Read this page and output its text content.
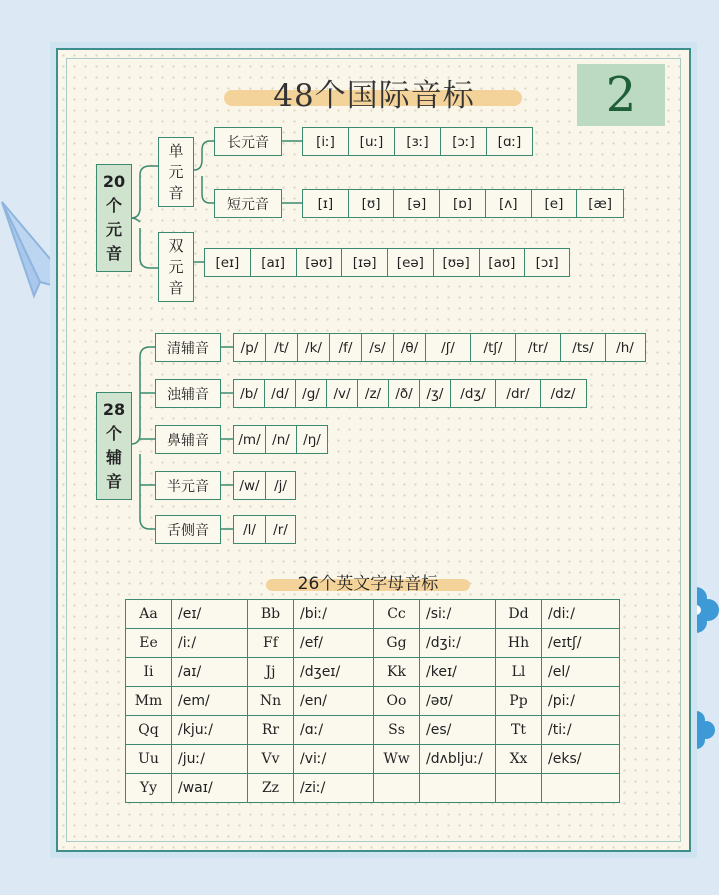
48个国际音标	2
20
个
元
音
单
元
音
双
元
音
长元音	[iː]	[uː]	[ɜː]	[ɔː]	[ɑː]
短元音	[ɪ]	[ʊ]	[ə]	[ɒ]	[ʌ]	[e]	[æ]
[eɪ]	[aɪ]	[əʊ]	[ɪə]	[eə]	[ʊə]	[aʊ]	[ɔɪ]
28
个
辅
音
清辅音	/p/	/t/	/k/	/f/	/s/	/θ/	/ʃ/	/tʃ/	/tr/	/ts/	/h/
浊辅音	/b/ /d/ /g/	/v/	/z/	/ð/	/ʒ/	/dʒ/	/dr/	/dz/
鼻辅音	/m/ /n/ /ŋ/
半元音	/w/	/j/
舌侧音	/l/	/r/
26个英文字母音标
Aa	/eɪ/	Bb	/biː/	Cc	/siː/	Dd	/diː/
Ee	/iː/	Ff	/ef/	Gg	/dʒiː/	Hh	/eɪtʃ/
Ii	/aɪ/	Jj	/dʒeɪ/	Kk	/keɪ/	Ll	/el/
Mm	/em/	Nn	/en/	Oo	/əʊ/	Pp	/piː/
Qq	/kjuː/	Rr	/ɑː/	Ss	/es/	Tt	/tiː/
Uu	/juː/	Vv	/viː/	Ww	/dʌbljuː/	Xx	/eks/
Yy	/waɪ/	Zz	/ziː/				
